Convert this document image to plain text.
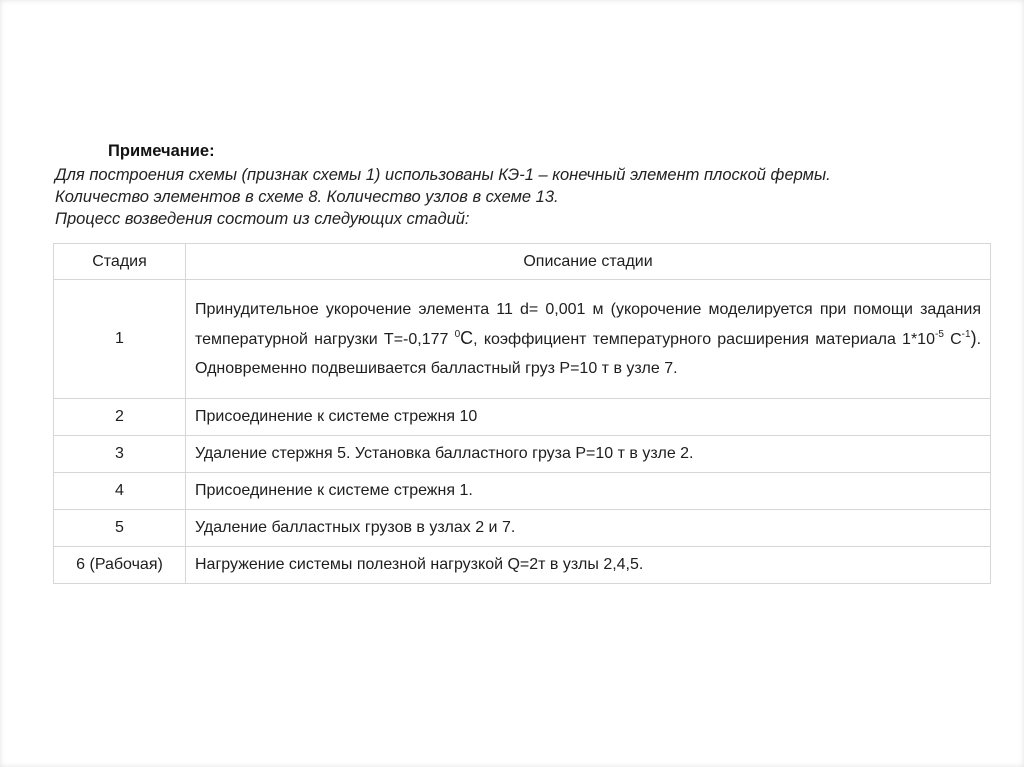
Примечание:
Для построения схемы (признак схемы 1) использованы КЭ-1 – конечный элемент плоской фермы.
Количество элементов в схеме 8. Количество узлов в схеме 13.
Процесс возведения состоит из следующих стадий:
Стадия	Описание стадии
1	Принудительное укорочение элемента 11 d= 0,001 м (укорочение моделируется при помощи задания температурной нагрузки T=-0,177 $^0$C, коэффициент температурного расширения материала $1*10^{-5}$ $С^{-1}$). Одновременно подвешивается балластный груз P=10 т в узле 7.
2	Присоединение к системе стрежня 10
3	Удаление стержня 5. Установка балластного груза P=10 т в узле 2.
4	Присоединение к системе стрежня 1.
5	Удаление балластных грузов в узлах 2 и 7.
6 (Рабочая)	Нагружение системы полезной нагрузкой Q=2т в узлы 2,4,5.
